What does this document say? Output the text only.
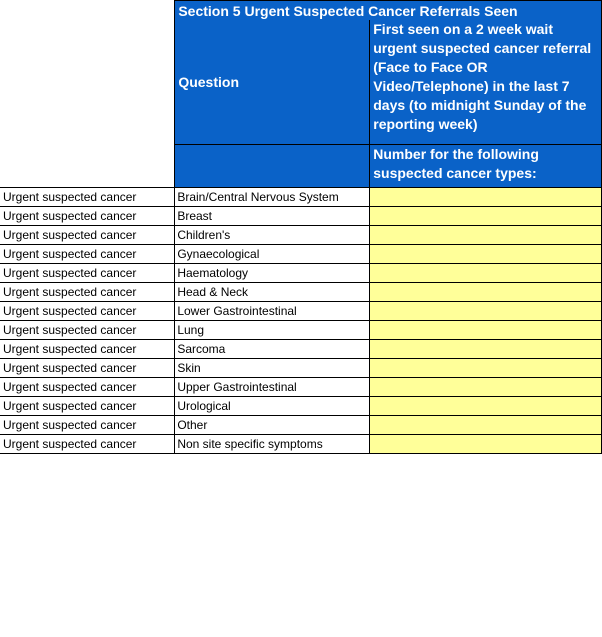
	Section 5 Urgent Suspected Cancer Referrals Seen	
	Question	First seen on a 2 week wait urgent suspected cancer referral (Face to Face OR Video/Telephone) in the last 7 days (to midnight Sunday of the reporting week)
		Number for the following suspected cancer types:
Urgent suspected cancer	Brain/Central Nervous System	
Urgent suspected cancer	Breast	
Urgent suspected cancer	Children's	
Urgent suspected cancer	Gynaecological	
Urgent suspected cancer	Haematology	
Urgent suspected cancer	Head & Neck	
Urgent suspected cancer	Lower Gastrointestinal	
Urgent suspected cancer	Lung	
Urgent suspected cancer	Sarcoma	
Urgent suspected cancer	Skin	
Urgent suspected cancer	Upper Gastrointestinal	
Urgent suspected cancer	Urological	
Urgent suspected cancer	Other	
Urgent suspected cancer	Non site specific symptoms	
